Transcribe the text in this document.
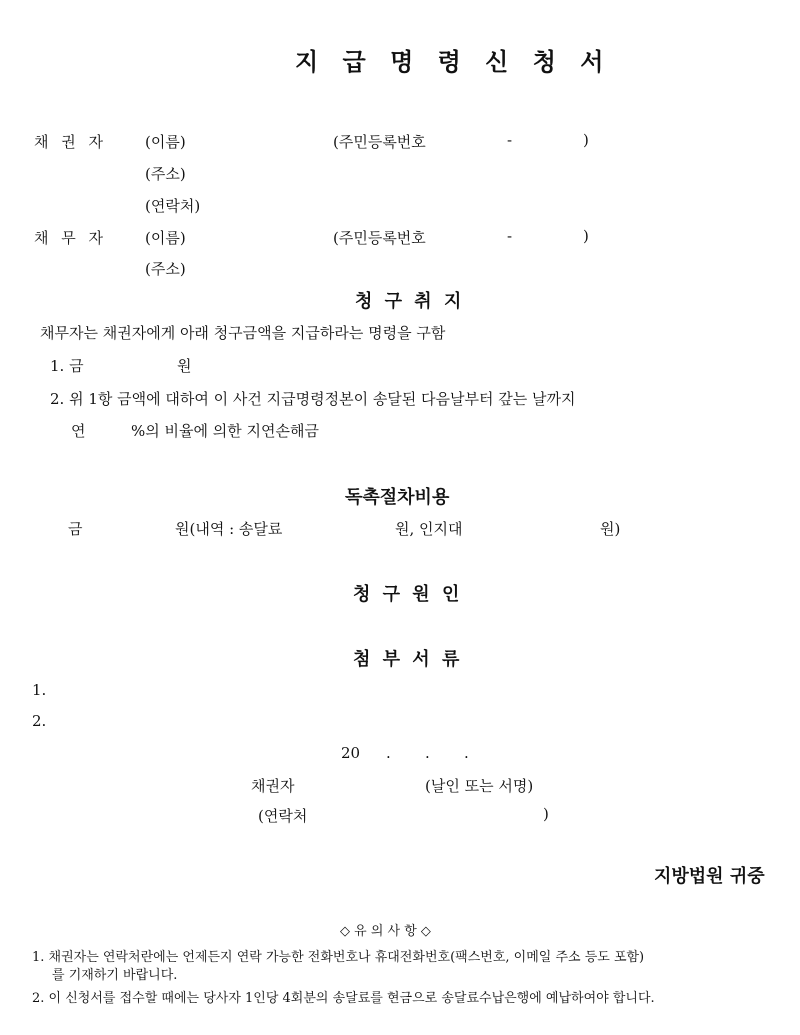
지 급 명 령 신 청 서
채 권 자	(이름)	(주민등록번호	-	)
(주소)
(연락처)
채 무 자	(이름)	(주민등록번호	-	)
(주소)
청 구 취 지
채무자는 채권자에게 아래 청구금액을 지급하라는 명령을 구함
1. 금	원
2. 위 1항 금액에 대하여 이 사건 지급명령정본이 송달된 다음날부터 갚는 날까지
연	%의 비율에 의한 지연손해금
독촉절차비용
금	원(내역 : 송달료	원, 인지대	원)
청 구 원 인
첨 부 서 류
1.
2.
20 . . .
채권자	(날인 또는 서명)
(연락처	)
지방법원 귀중
◇ 유 의 사 항 ◇
1. 채권자는 연락처란에는 언제든지 연락 가능한 전화번호나 휴대전화번호(팩스번호, 이메일 주소 등도 포함)
를 기재하기 바랍니다.
2. 이 신청서를 접수할 때에는 당사자 1인당 4회분의 송달료를 현금으로 송달료수납은행에 예납하여야 합니다.
